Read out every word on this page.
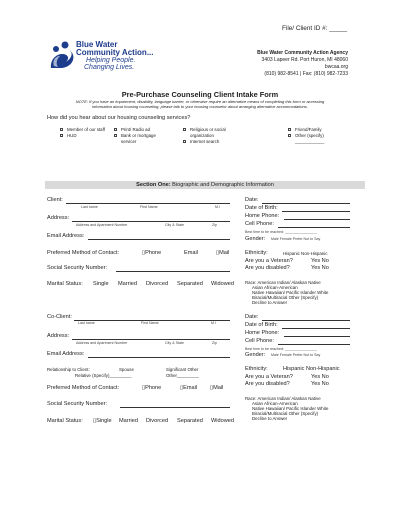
File/ Client ID #: _____
Blue Water
Community Action...
Helping People.
Changing Lives.
Blue Water Community Action Agency
3403 Lapeer Rd. Port Huron, MI 48060
bwcaa.org
(810) 982-8541 | Fax: (810) 982-7233
Pre-Purchase Counseling Client Intake Form
NOTE: If you have an impairment, disability, language barrier, or otherwise require an alternative means of completing this form or accessing
information about housing counseling, please talk to your housing counselor about arranging alternative accommodations.
How did you hear about our housing counseling services?
Member of our staff
HUD
Print/ Radio ad
Bank or mortgage
servicer
Religious or social
organization
Internet search
Friend/Family
Other (specify)
____________
Section One: Biographic and Demographic Information
Client:
Last name	First Name	M.I
Address:
Address and Apartment Number	City & State	Zip
Email Address:
Preferred Method of Contact:	▯Phone	Email	▯Mail
Social Security Number:
Marital Status: Single Married Divorced Separated Widowed
Date:
Date of Birth:
Home Phone:
Cell Phone:
Best time to be reached: ________________
Gender: Male Female Prefer Not to Say
Ethnicity:	Hispanic Non-Hispanic
Are you a Veteran?	Yes No
Are you disabled?	Yes No
Race: American Indian/ Alaskan Native
Asian African-American
Native Hawaiian/ Pacific Islander White
Biracial/Multiracial Other (Specify)
Decline to Answer
Co-Client:
Last name	First Name	M.I
Address:
Address and Apartment Number	City & State	Zip
Email Address:
Relationship to Client:	Spouse	Significant Other
Relative (Specify)_________	Other_________
Preferred Method of Contact:	▯Phone	▯Email ▯Mail
Social Security Number:
Marital Status: ▯Single Married Divorced Separated Widowed
Date:
Date of Birth:
Home Phone:
Cell Phone:
Best time to be reached: ________________
Gender: Male Female Prefer Not to Say
Ethnicity:	Hispanic Non-Hispanic
Are you a Veteran?	Yes No
Are you disabled?	Yes No
Race: American Indian/ Alaskan Native
Asian African-American
Native Hawaiian/ Pacific Islander White
Biracial/Multiracial Other (Specify)
Decline to Answer
